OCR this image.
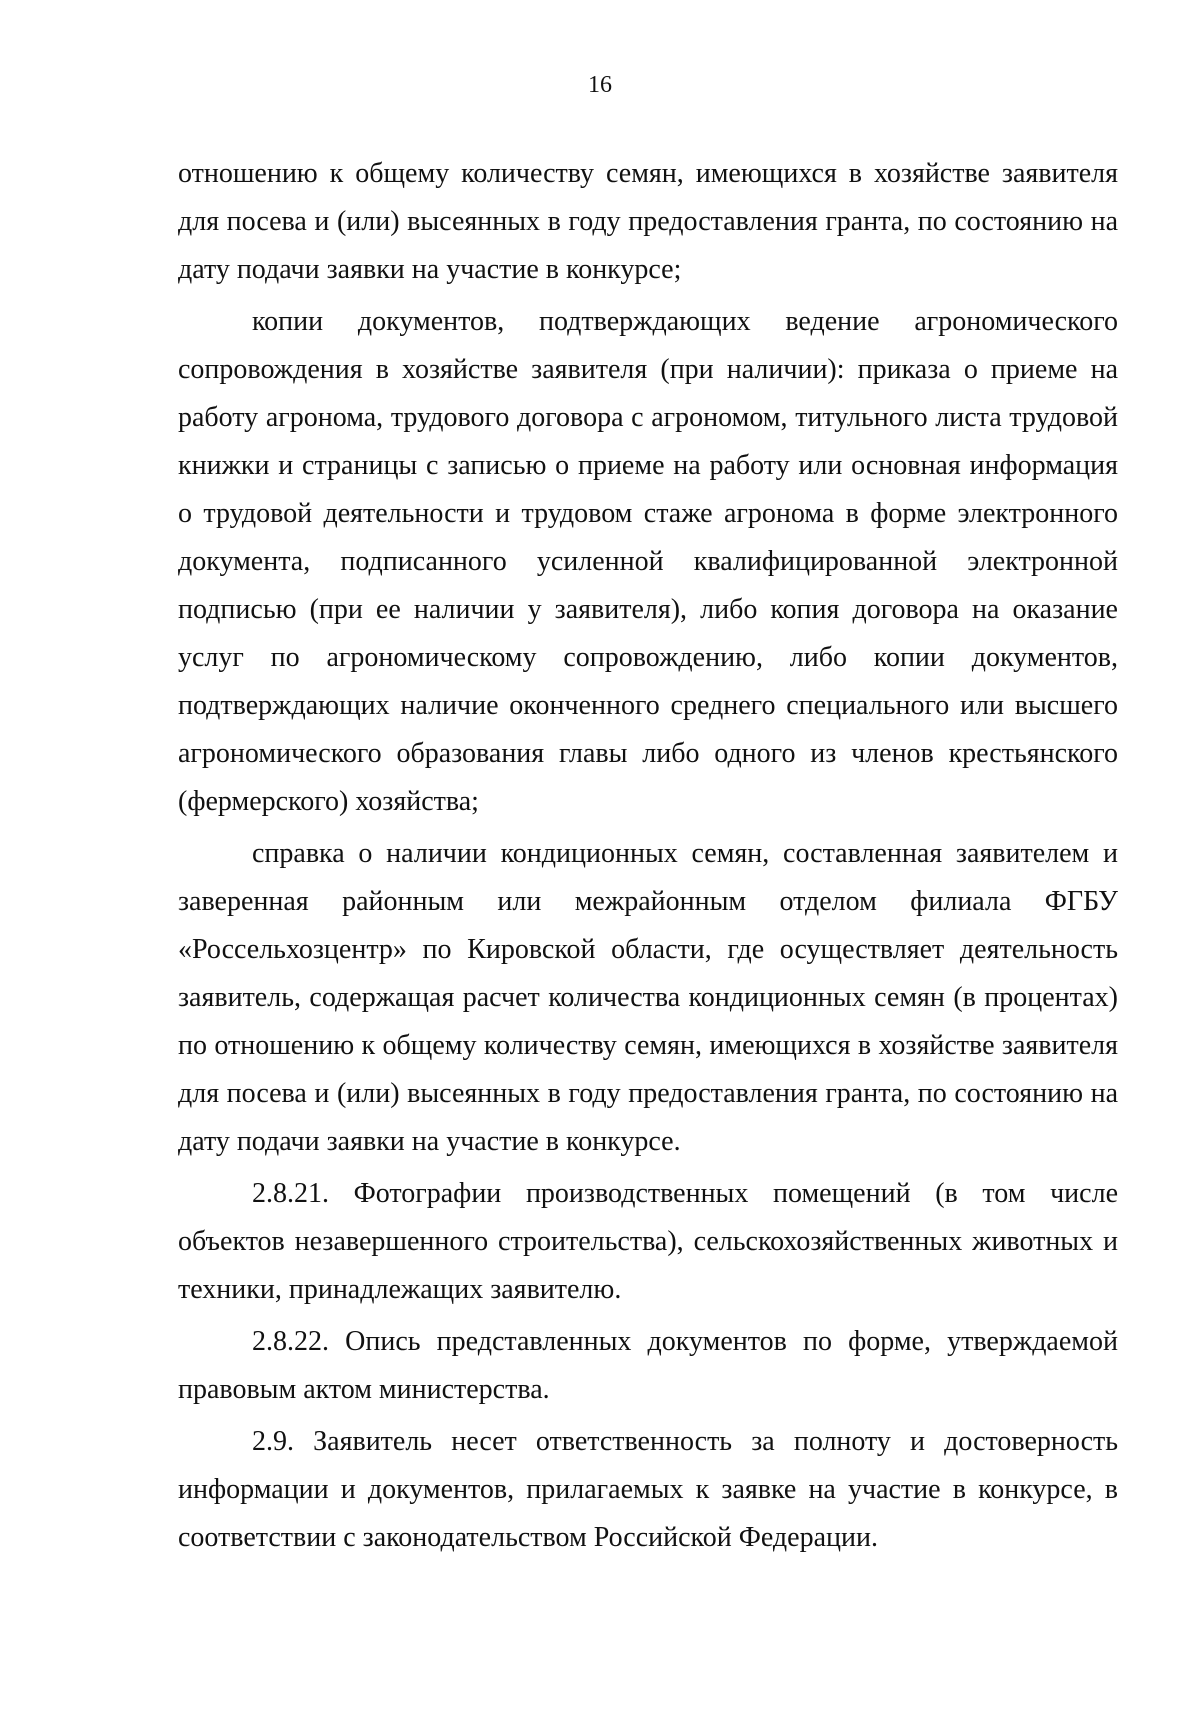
16

отношению к общему количеству семян, имеющихся в хозяйстве заявителя для посева и (или) высеянных в году предоставления гранта, по состоянию на дату подачи заявки на участие в конкурсе;

копии документов, подтверждающих ведение агрономического сопровождения в хозяйстве заявителя (при наличии): приказа о приеме на работу агронома, трудового договора с агрономом, титульного листа трудовой книжки и страницы с записью о приеме на работу или основная информация о трудовой деятельности и трудовом стаже агронома в форме электронного документа, подписанного усиленной квалифицированной электронной подписью (при ее наличии у заявителя), либо копия договора на оказание услуг по агрономическому сопровождению, либо копии документов, подтверждающих наличие оконченного среднего специального или высшего агрономического образования главы либо одного из членов крестьянского (фермерского) хозяйства;

справка о наличии кондиционных семян, составленная заявителем и заверенная районным или межрайонным отделом филиала ФГБУ «Россельхозцентр» по Кировской области, где осуществляет деятельность заявитель, содержащая расчет количества кондиционных семян (в процентах) по отношению к общему количеству семян, имеющихся в хозяйстве заявителя для посева и (или) высеянных в году предоставления гранта, по состоянию на дату подачи заявки на участие в конкурсе.

2.8.21. Фотографии производственных помещений (в том числе объектов незавершенного строительства), сельскохозяйственных животных и техники, принадлежащих заявителю.

2.8.22. Опись представленных документов по форме, утверждаемой правовым актом министерства.

2.9. Заявитель несет ответственность за полноту и достоверность информации и документов, прилагаемых к заявке на участие в конкурсе, в соответствии с законодательством Российской Федерации.
